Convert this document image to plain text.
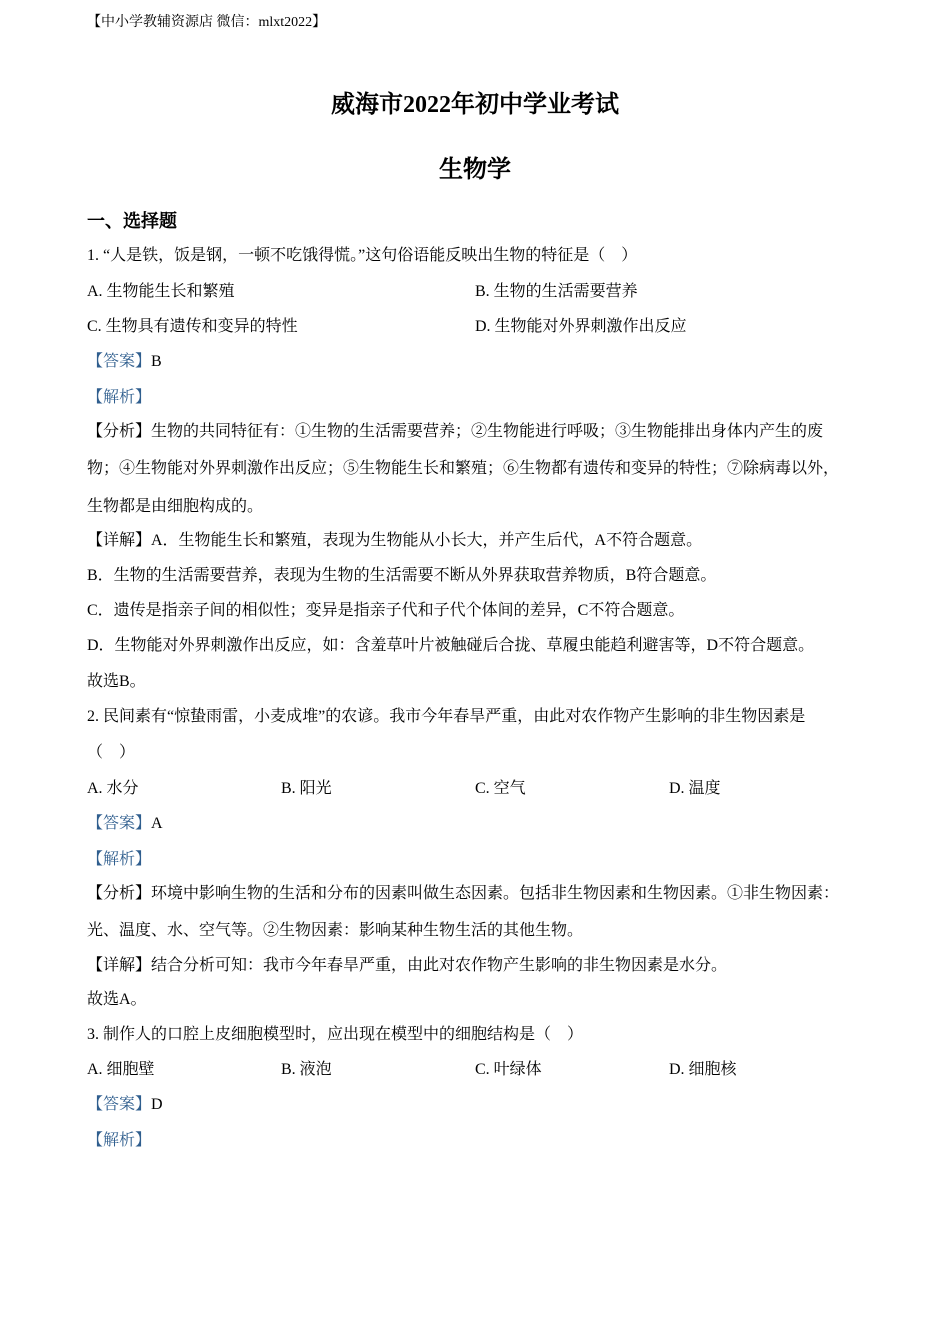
【中小学教辅资源店 微信：mlxt2022】
威海市2022年初中学业考试
生物学
一、选择题
1. “人是铁，饭是钢，一顿不吃饿得慌。”这句俗语能反映出生物的特征是（　）
A. 生物能生长和繁殖	B. 生物的生活需要营养
C. 生物具有遗传和变异的特性	D. 生物能对外界刺激作出反应
【答案】B
【解析】
【分析】生物的共同特征有：①生物的生活需要营养；②生物能进行呼吸；③生物能排出身体内产生的废
物；④生物能对外界刺激作出反应；⑤生物能生长和繁殖；⑥生物都有遗传和变异的特性；⑦除病毒以外，
生物都是由细胞构成的。
【详解】A．生物能生长和繁殖，表现为生物能从小长大，并产生后代，A不符合题意。
B．生物的生活需要营养，表现为生物的生活需要不断从外界获取营养物质，B符合题意。
C．遗传是指亲子间的相似性；变异是指亲子代和子代个体间的差异，C不符合题意。
D．生物能对外界刺激作出反应，如：含羞草叶片被触碰后合拢、草履虫能趋利避害等，D不符合题意。
故选B。
2. 民间素有“惊蛰雨雷，小麦成堆”的农谚。我市今年春旱严重，由此对农作物产生影响的非生物因素是
（　）
A. 水分	B. 阳光	C. 空气	D. 温度
【答案】A
【解析】
【分析】环境中影响生物的生活和分布的因素叫做生态因素。包括非生物因素和生物因素。①非生物因素：
光、温度、水、空气等。②生物因素：影响某种生物生活的其他生物。
【详解】结合分析可知：我市今年春旱严重，由此对农作物产生影响的非生物因素是水分。
故选A。
3. 制作人的口腔上皮细胞模型时，应出现在模型中的细胞结构是（　）
A. 细胞壁	B. 液泡	C. 叶绿体	D. 细胞核
【答案】D
【解析】
